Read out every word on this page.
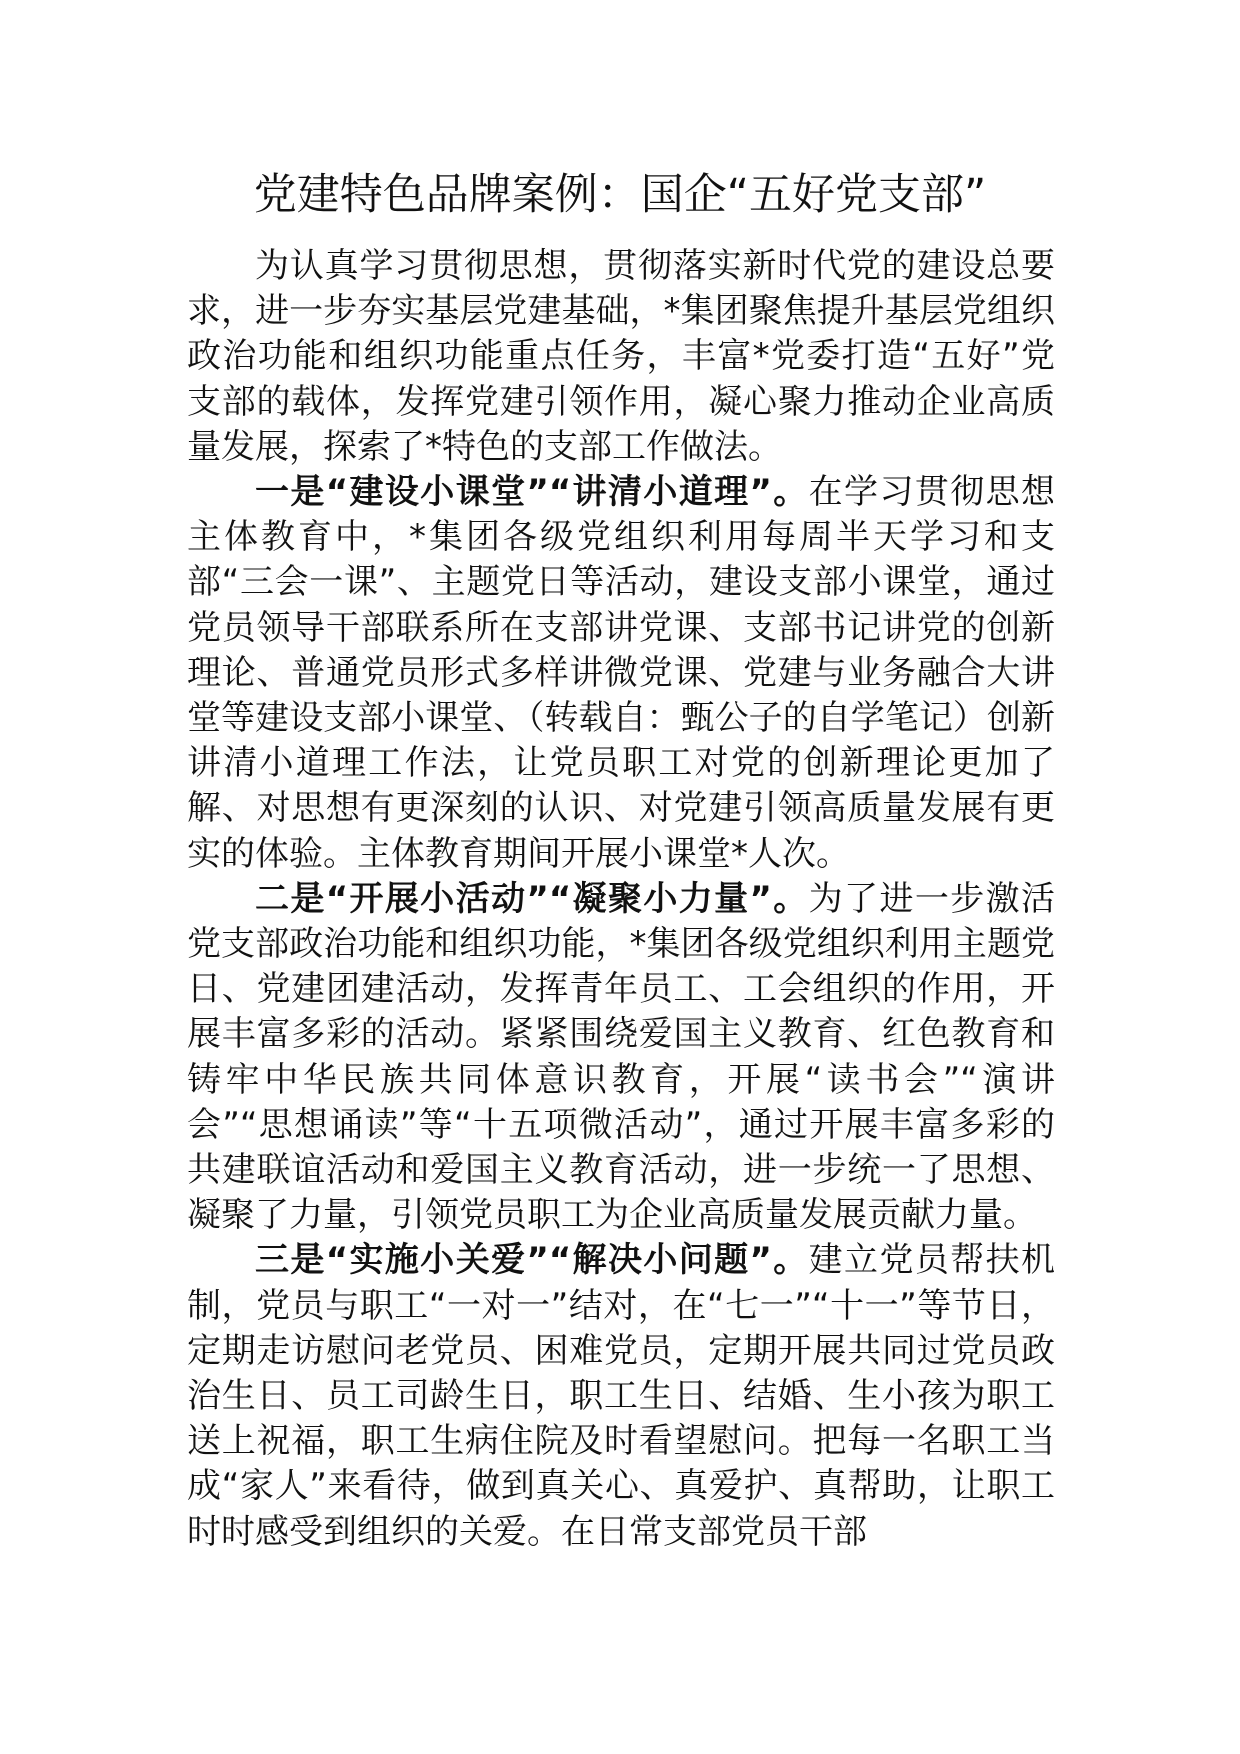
党建特色品牌案例：国企“五好党支部”

为认真学习贯彻思想，贯彻落实新时代党的建设总要求，进一步夯实基层党建基础，*集团聚焦提升基层党组织政治功能和组织功能重点任务，丰富*党委打造“五好”党支部的载体，发挥党建引领作用，凝心聚力推动企业高质量发展，探索了*特色的支部工作做法。

一是“建设小课堂”“讲清小道理”。在学习贯彻思想主体教育中，*集团各级党组织利用每周半天学习和支部“三会一课”、主题党日等活动，建设支部小课堂，通过党员领导干部联系所在支部讲党课、支部书记讲党的创新理论、普通党员形式多样讲微党课、党建与业务融合大讲堂等建设支部小课堂、（转载自：甄公子的自学笔记）创新讲清小道理工作法，让党员职工对党的创新理论更加了解、对思想有更深刻的认识、对党建引领高质量发展有更实的体验。主体教育期间开展小课堂*人次。

二是“开展小活动”“凝聚小力量”。为了进一步激活党支部政治功能和组织功能，*集团各级党组织利用主题党日、党建团建活动，发挥青年员工、工会组织的作用，开展丰富多彩的活动。紧紧围绕爱国主义教育、红色教育和铸牢中华民族共同体意识教育，开展“读书会”“演讲会”“思想诵读”等“十五项微活动”，通过开展丰富多彩的共建联谊活动和爱国主义教育活动，进一步统一了思想、凝聚了力量，引领党员职工为企业高质量发展贡献力量。

三是“实施小关爱”“解决小问题”。建立党员帮扶机制，党员与职工“一对一”结对，在“七一”“十一”等节日，定期走访慰问老党员、困难党员，定期开展共同过党员政治生日、员工司龄生日，职工生日、结婚、生小孩为职工送上祝福，职工生病住院及时看望慰问。把每一名职工当成“家人”来看待，做到真关心、真爱护、真帮助，让职工时时感受到组织的关爱。在日常支部党员干部
